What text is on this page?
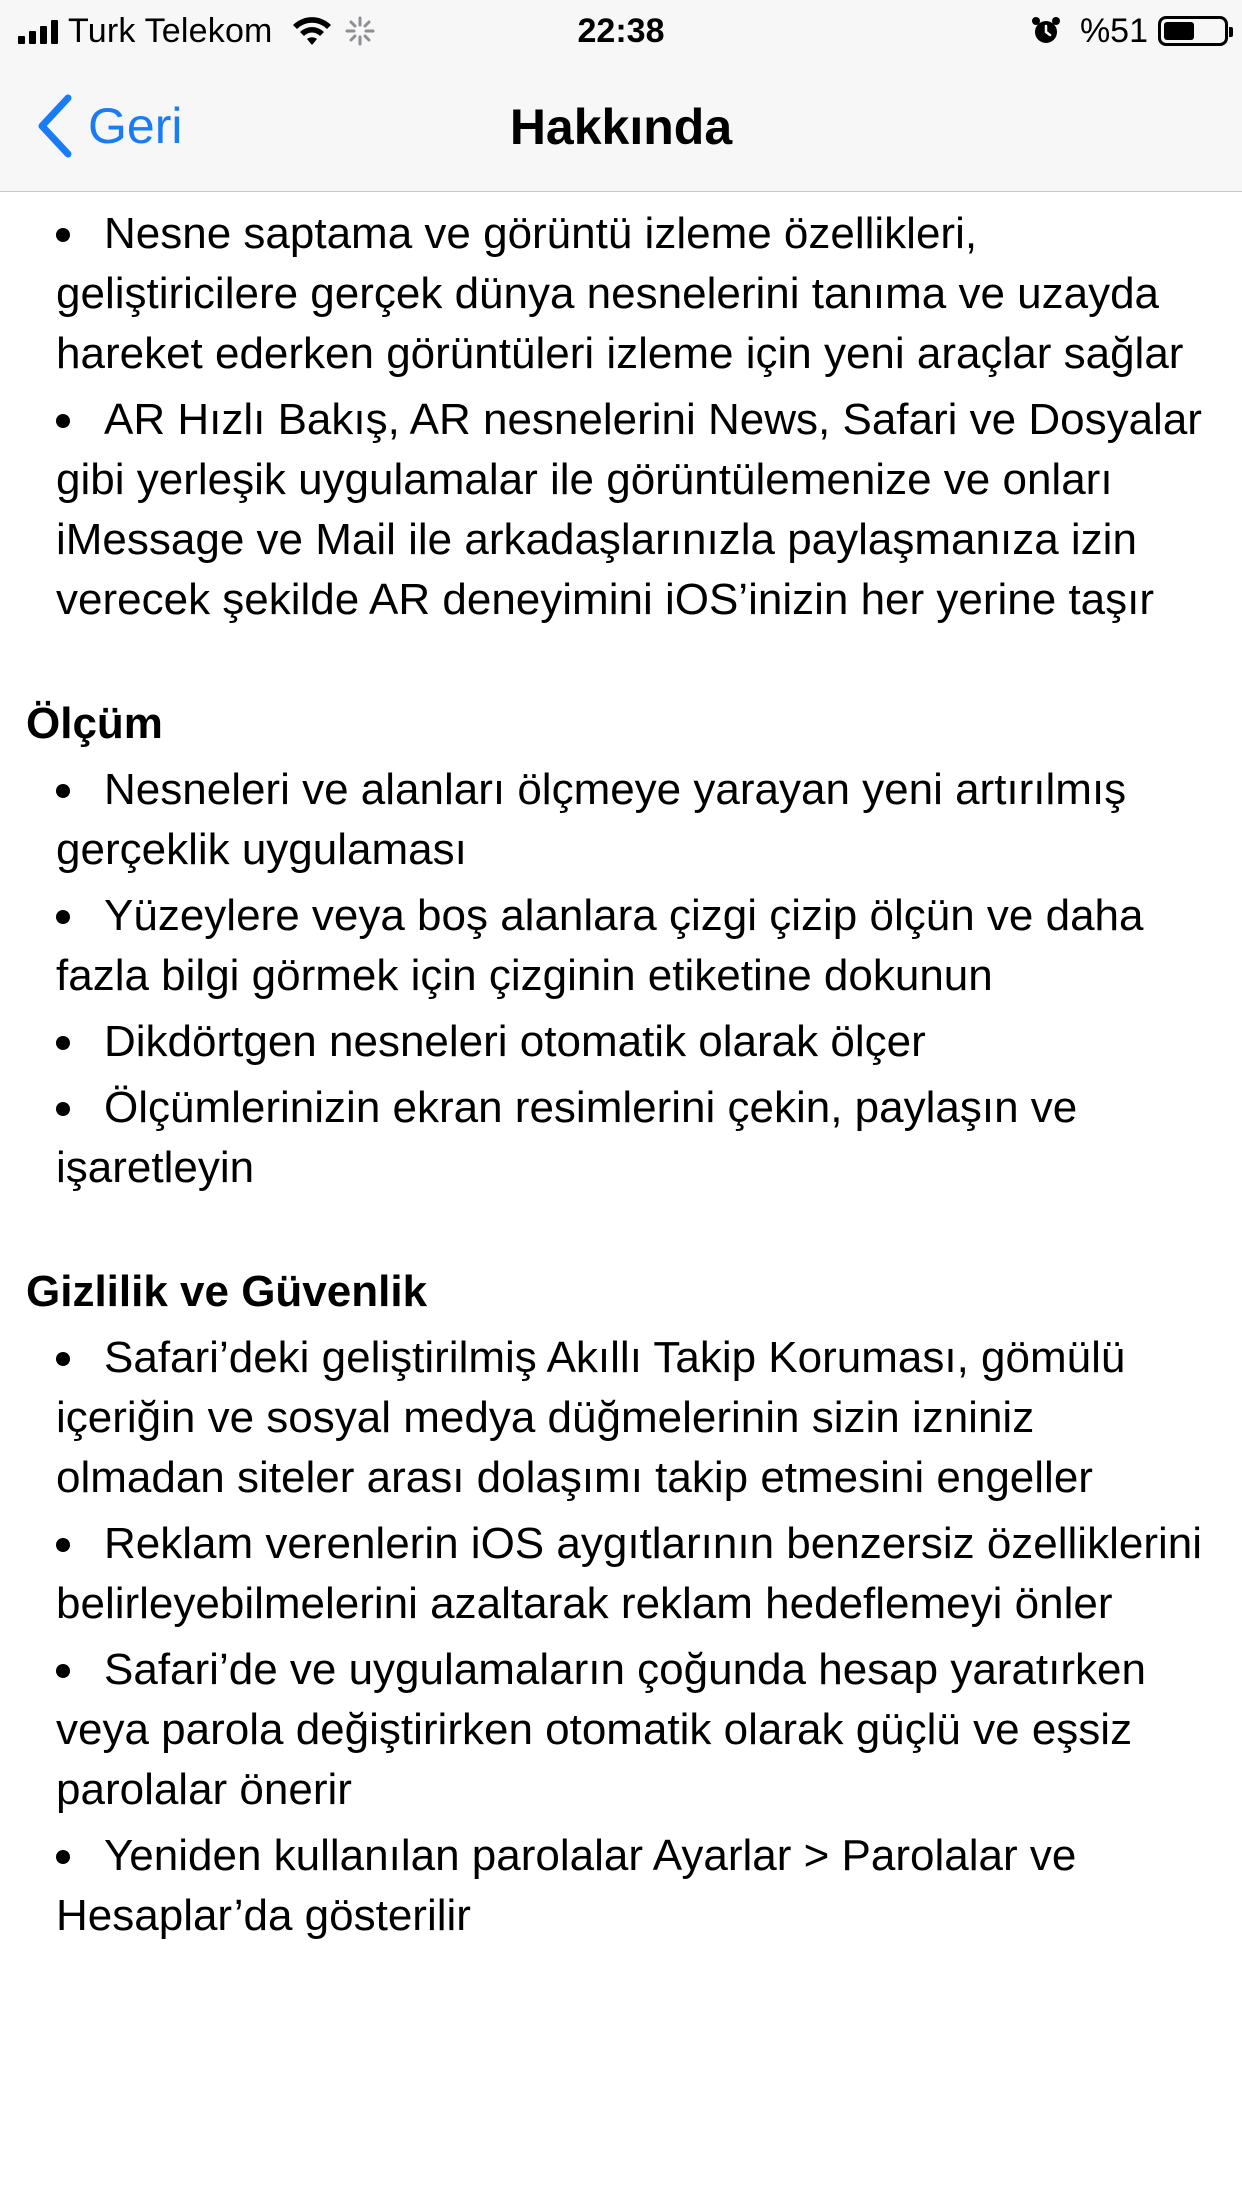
Turk Telekom	22:38	%51
Geri	Hakkında
Nesne saptama ve görüntü izleme özellikleri, geliştiricilere gerçek dünya nesnelerini tanıma ve uzayda hareket ederken görüntüleri izleme için yeni araçlar sağlar
AR Hızlı Bakış, AR nesnelerini News, Safari ve Dosyalar gibi yerleşik uygulamalar ile görüntülemenize ve onları iMessage ve Mail ile arkadaşlarınızla paylaşmanıza izin verecek şekilde AR deneyimini iOS’inizin her yerine taşır
Ölçüm
Nesneleri ve alanları ölçmeye yarayan yeni artırılmış gerçeklik uygulaması
Yüzeylere veya boş alanlara çizgi çizip ölçün ve daha fazla bilgi görmek için çizginin etiketine dokunun
Dikdörtgen nesneleri otomatik olarak ölçer
Ölçümlerinizin ekran resimlerini çekin, paylaşın ve işaretleyin
Gizlilik ve Güvenlik
Safari’deki geliştirilmiş Akıllı Takip Koruması, gömülü içeriğin ve sosyal medya düğmelerinin sizin izniniz olmadan siteler arası dolaşımı takip etmesini engeller
Reklam verenlerin iOS aygıtlarının benzersiz özelliklerini belirleyebilmelerini azaltarak reklam hedeflemeyi önler
Safari’de ve uygulamaların çoğunda hesap yaratırken veya parola değiştirirken otomatik olarak güçlü ve eşsiz parolalar önerir
Yeniden kullanılan parolalar Ayarlar > Parolalar ve Hesaplar’da gösterilir
